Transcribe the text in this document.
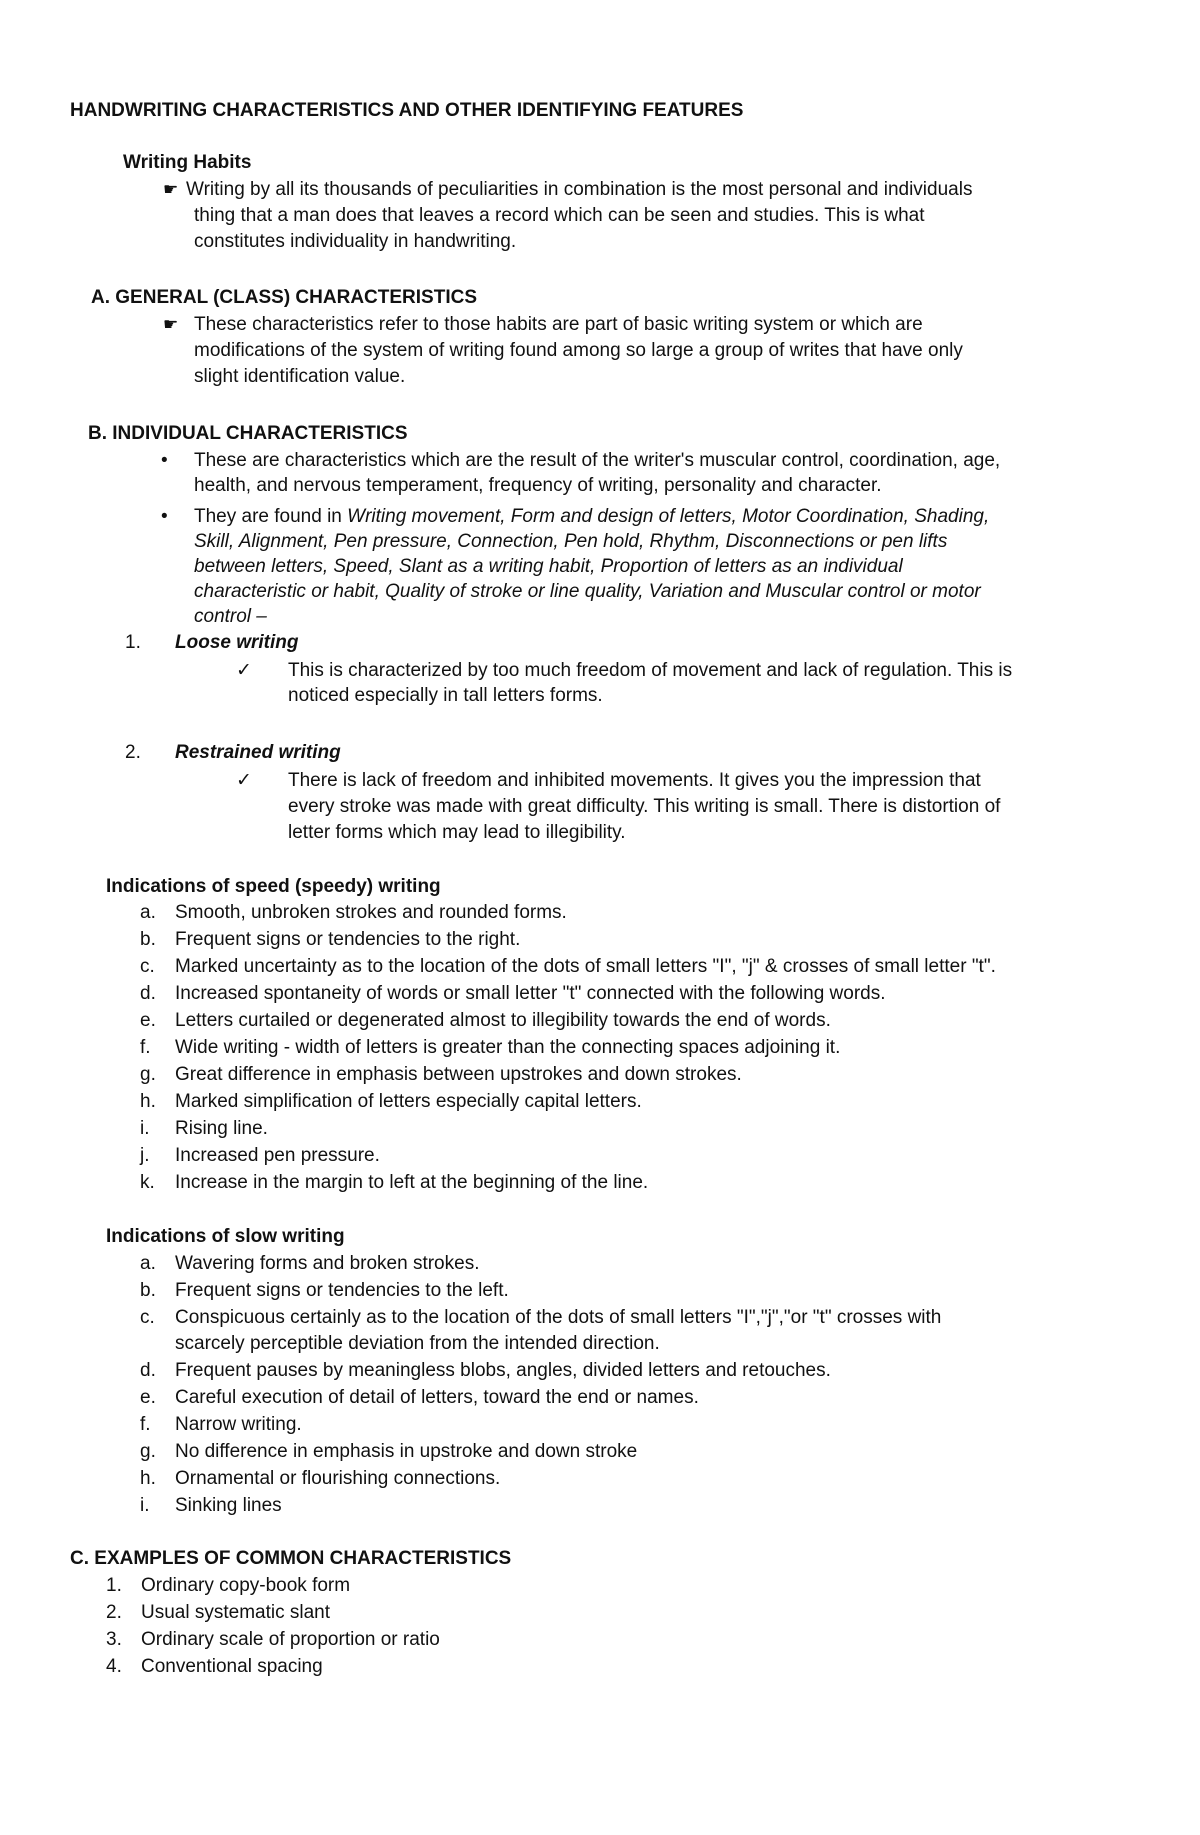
HANDWRITING CHARACTERISTICS AND OTHER IDENTIFYING FEATURES
Writing Habits
☛ Writing by all its thousands of peculiarities in combination is the most personal and individuals
thing that a man does that leaves a record which can be seen and studies. This is what
constitutes individuality in handwriting.
A. GENERAL (CLASS) CHARACTERISTICS
☛ These characteristics refer to those habits are part of basic writing system or which are
modifications of the system of writing found among so large a group of writes that have only
slight identification value.
B. INDIVIDUAL CHARACTERISTICS
• These are characteristics which are the result of the writer's muscular control, coordination, age,
health, and nervous temperament, frequency of writing, personality and character.
• They are found in Writing movement, Form and design of letters, Motor Coordination, Shading,
Skill, Alignment, Pen pressure, Connection, Pen hold, Rhythm, Disconnections or pen lifts
between letters, Speed, Slant as a writing habit, Proportion of letters as an individual
characteristic or habit, Quality of stroke or line quality, Variation and Muscular control or motor
control –
1. Loose writing
✓ This is characterized by too much freedom of movement and lack of regulation. This is
noticed especially in tall letters forms.
2. Restrained writing
✓ There is lack of freedom and inhibited movements. It gives you the impression that
every stroke was made with great difficulty. This writing is small. There is distortion of
letter forms which may lead to illegibility.
Indications of speed (speedy) writing
a. Smooth, unbroken strokes and rounded forms.
b. Frequent signs or tendencies to the right.
c. Marked uncertainty as to the location of the dots of small letters "I", "j" & crosses of small letter "t".
d. Increased spontaneity of words or small letter "t" connected with the following words.
e. Letters curtailed or degenerated almost to illegibility towards the end of words.
f. Wide writing - width of letters is greater than the connecting spaces adjoining it.
g. Great difference in emphasis between upstrokes and down strokes.
h. Marked simplification of letters especially capital letters.
i. Rising line.
j. Increased pen pressure.
k. Increase in the margin to left at the beginning of the line.
Indications of slow writing
a. Wavering forms and broken strokes.
b. Frequent signs or tendencies to the left.
c. Conspicuous certainly as to the location of the dots of small letters "I","j","or "t" crosses with
scarcely perceptible deviation from the intended direction.
d. Frequent pauses by meaningless blobs, angles, divided letters and retouches.
e. Careful execution of detail of letters, toward the end or names.
f. Narrow writing.
g. No difference in emphasis in upstroke and down stroke
h. Ornamental or flourishing connections.
i. Sinking lines
C. EXAMPLES OF COMMON CHARACTERISTICS
1. Ordinary copy-book form
2. Usual systematic slant
3. Ordinary scale of proportion or ratio
4. Conventional spacing
